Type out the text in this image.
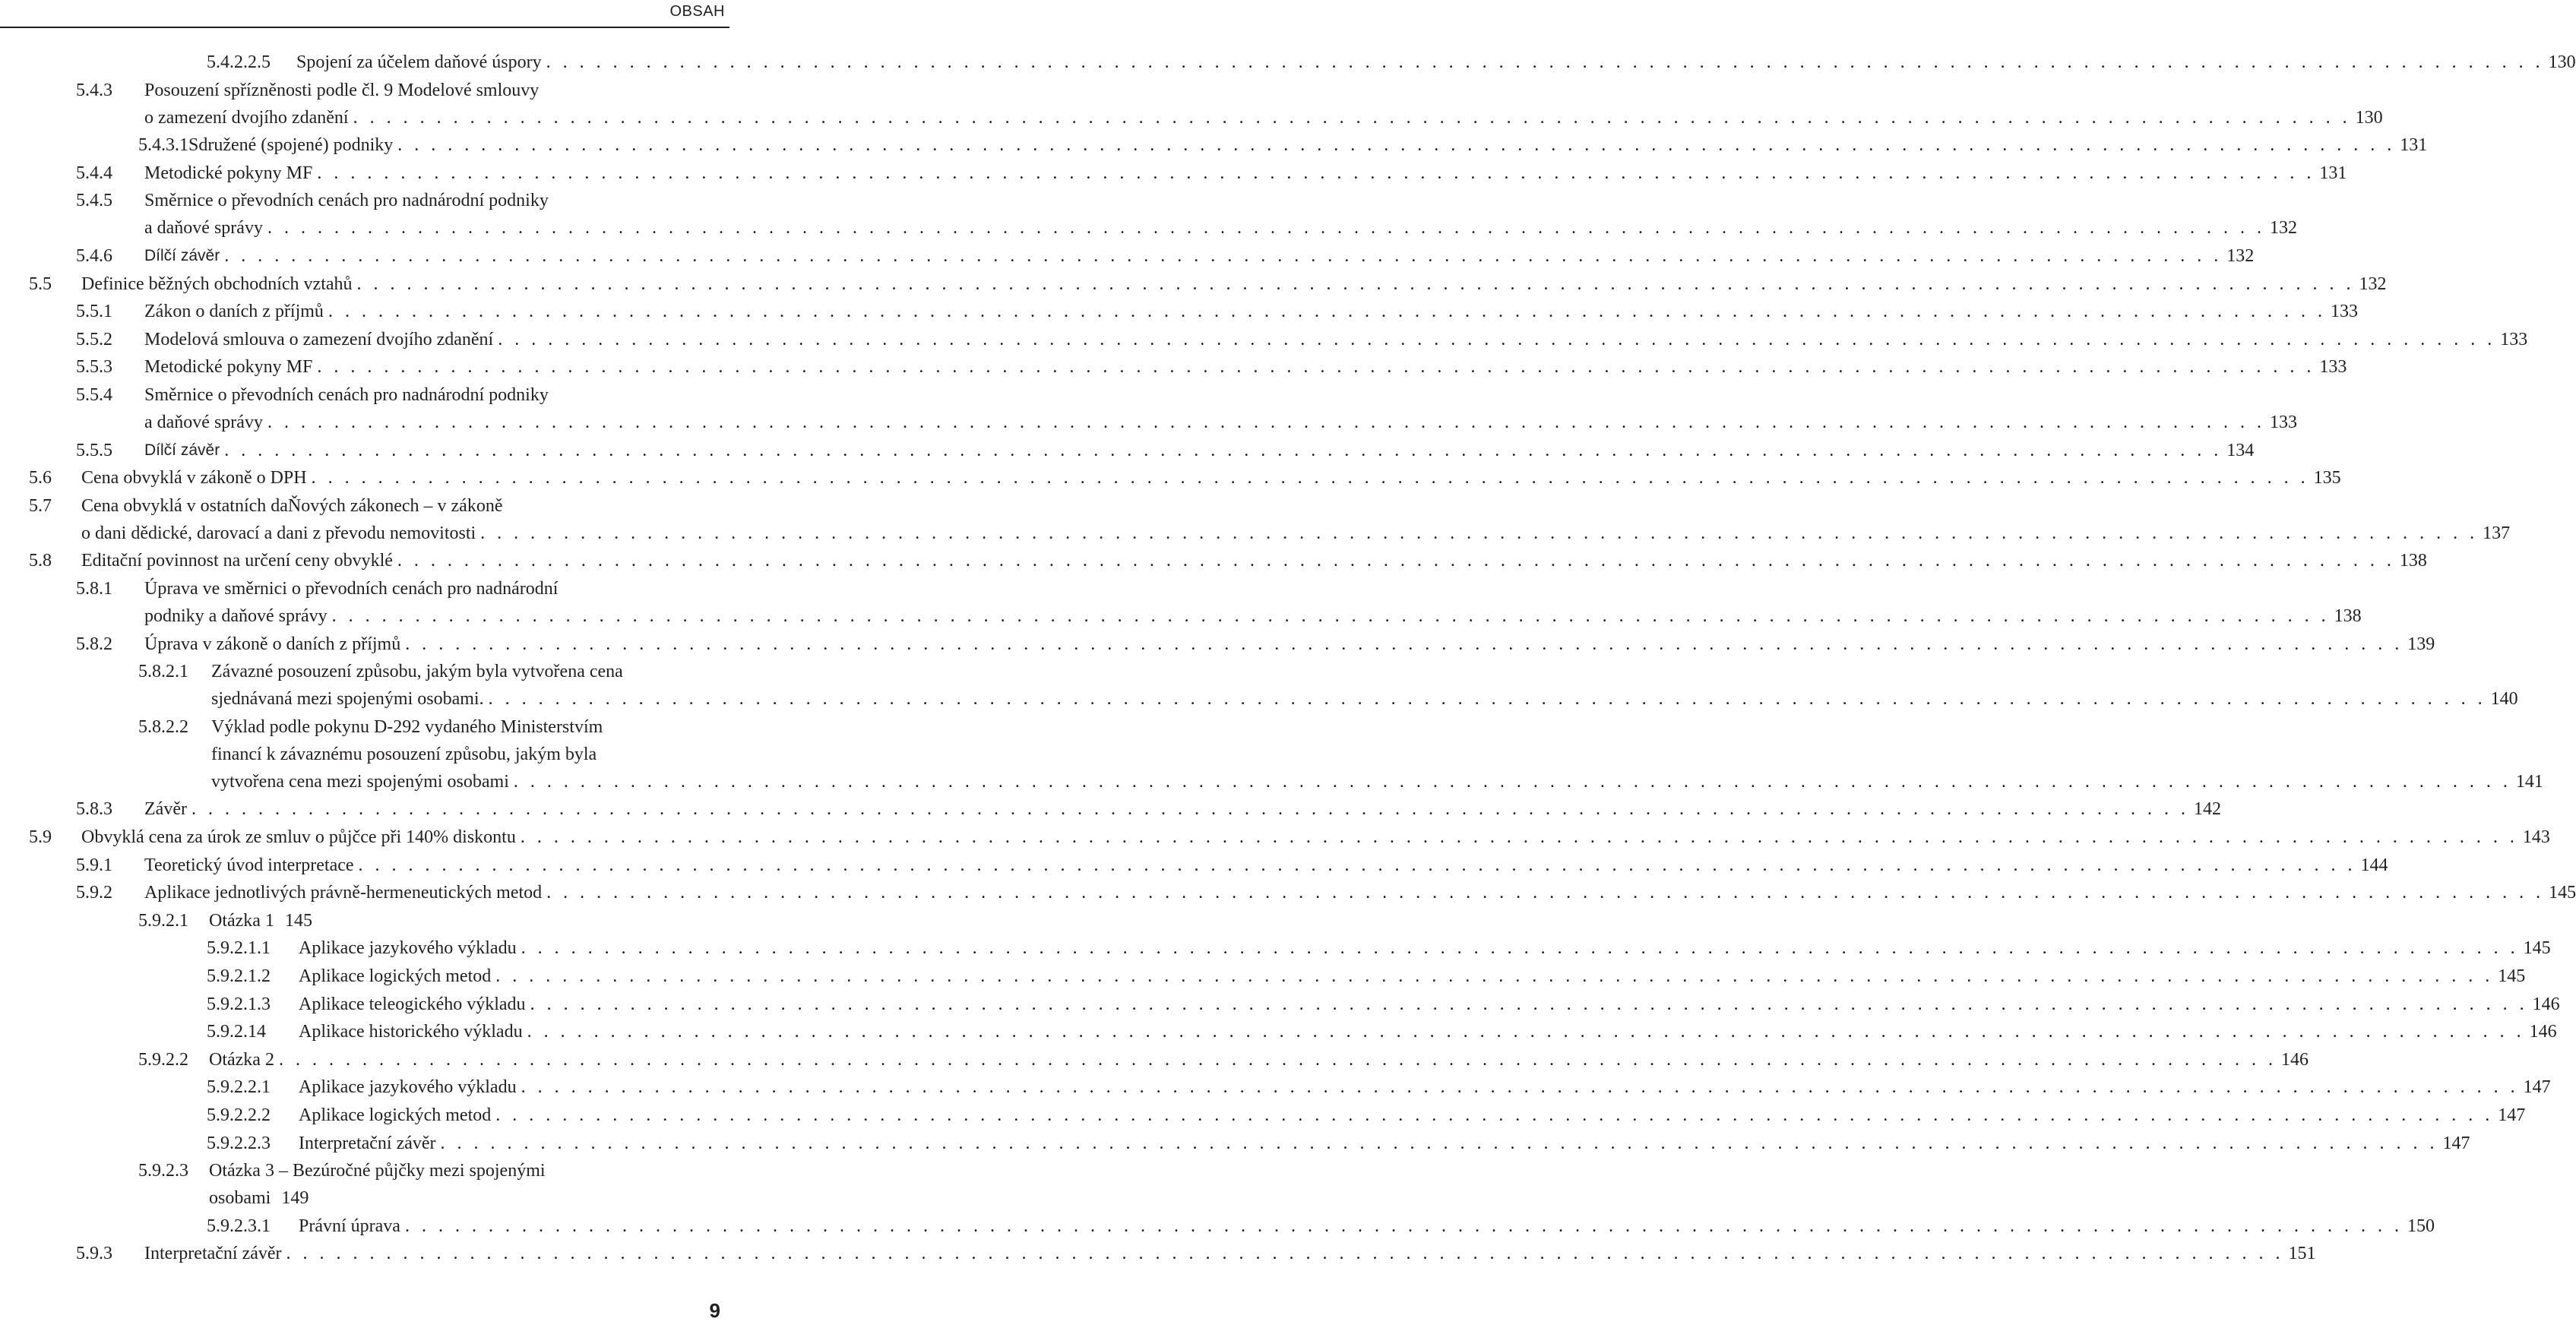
OBSAH
5.4.2.2.5 Spojení za účelem daňové úspory . . . . . . . . . . . . . . . . . . . . . . . . . . . . . . . . . . . . . . . . . . . . . . . . . . . . . . . . . . . . . . . . . . . . . . . . . . . . . . . . . . . . . . . . . . . . . . . . . . . . . . . . . . . . . . . . . . . . . . . . 130
5.4.3 Posouzení spřízněnosti podle čl. 9 Modelové smlouvy
o zamezení dvojího zdanění . . . . . . . . . . . . . . . . . . . . . . . . . . . . . . . . . . . . . . . . . . . . . . . . . . . . . . . . . . . . . . . . . . . . . . . . . . . . . . . . . . . . . . . . . . . . . . . . . . . . . . . . . . . . . . . . . . . . . . . . 130
5.4.3.1 Sdružené (spojené) podniky . . . . . . . . . . . . . . . . . . . . . . . . . . . . . . . . . . . . . . . . . . . . . . . . . . . . . . . . . . . . . . . . . . . . . . . . . . . . . . . . . . . . . . . . . . . . . . . . . . . . . . . . . . . . . . . . . . . . . . . . 131
5.4.4 Metodické pokyny MF . . . . . . . . . . . . . . . . . . . . . . . . . . . . . . . . . . . . . . . . . . . . . . . . . . . . . . . . . . . . . . . . . . . . . . . . . . . . . . . . . . . . . . . . . . . . . . . . . . . . . . . . . . . . . . . . . . . . . . . . 131
5.4.5 Směrnice o převodních cenách pro nadnárodní podniky
a daňové správy . . . . . . . . . . . . . . . . . . . . . . . . . . . . . . . . . . . . . . . . . . . . . . . . . . . . . . . . . . . . . . . . . . . . . . . . . . . . . . . . . . . . . . . . . . . . . . . . . . . . . . . . . . . . . . . . . . . . . . . . 132
5.4.6 Dílčí závěr . . . . . . . . . . . . . . . . . . . . . . . . . . . . . . . . . . . . . . . . . . . . . . . . . . . . . . . . . . . . . . . . . . . . . . . . . . . . . . . . . . . . . . . . . . . . . . . . . . . . . . . . . . . . . . . . . . . . . . . . 132
5.5 Definice běžných obchodních vztahů . . . . . . . . . . . . . . . . . . . . . . . . . . . . . . . . . . . . . . . . . . . . . . . . . . . . . . . . . . . . . . . . . . . . . . . . . . . . . . . . . . . . . . . . . . . . . . . . . . . . . . . . . . . . . . . . . . . . . . . . 132
5.5.1 Zákon o daních z příjmů . . . . . . . . . . . . . . . . . . . . . . . . . . . . . . . . . . . . . . . . . . . . . . . . . . . . . . . . . . . . . . . . . . . . . . . . . . . . . . . . . . . . . . . . . . . . . . . . . . . . . . . . . . . . . . . . . . . . . . . . 133
5.5.2 Modelová smlouva o zamezení dvojího zdanění . . . . . . . . . . . . . . . . . . . . . . . . . . . . . . . . . . . . . . . . . . . . . . . . . . . . . . . . . . . . . . . . . . . . . . . . . . . . . . . . . . . . . . . . . . . . . . . . . . . . . . . . . . . . . . . . . . . . . . . . 133
5.5.3 Metodické pokyny MF . . . . . . . . . . . . . . . . . . . . . . . . . . . . . . . . . . . . . . . . . . . . . . . . . . . . . . . . . . . . . . . . . . . . . . . . . . . . . . . . . . . . . . . . . . . . . . . . . . . . . . . . . . . . . . . . . . . . . . . . 133
5.5.4 Směrnice o převodních cenách pro nadnárodní podniky
a daňové správy . . . . . . . . . . . . . . . . . . . . . . . . . . . . . . . . . . . . . . . . . . . . . . . . . . . . . . . . . . . . . . . . . . . . . . . . . . . . . . . . . . . . . . . . . . . . . . . . . . . . . . . . . . . . . . . . . . . . . . . . 133
5.5.5 Dílčí závěr . . . . . . . . . . . . . . . . . . . . . . . . . . . . . . . . . . . . . . . . . . . . . . . . . . . . . . . . . . . . . . . . . . . . . . . . . . . . . . . . . . . . . . . . . . . . . . . . . . . . . . . . . . . . . . . . . . . . . . . . 134
5.6 Cena obvyklá v zákoně o DPH . . . . . . . . . . . . . . . . . . . . . . . . . . . . . . . . . . . . . . . . . . . . . . . . . . . . . . . . . . . . . . . . . . . . . . . . . . . . . . . . . . . . . . . . . . . . . . . . . . . . . . . . . . . . . . . . . . . . . . . . 135
5.7 Cena obvyklá v ostatních daŇových zákonech – v zákoně
o dani dědické, darovací a dani z převodu nemovitosti . . . . . . . . . . . . . . . . . . . . . . . . . . . . . . . . . . . . . . . . . . . . . . . . . . . . . . . . . . . . . . . . . . . . . . . . . . . . . . . . . . . . . . . . . . . . . . . . . . . . . . . . . . . . . . . . . . . . . . . . 137
5.8 Editační povinnost na určení ceny obvyklé . . . . . . . . . . . . . . . . . . . . . . . . . . . . . . . . . . . . . . . . . . . . . . . . . . . . . . . . . . . . . . . . . . . . . . . . . . . . . . . . . . . . . . . . . . . . . . . . . . . . . . . . . . . . . . . . . . . . . . . . 138
5.8.1 Úprava ve směrnici o převodních cenách pro nadnárodní
podniky a daňové správy . . . . . . . . . . . . . . . . . . . . . . . . . . . . . . . . . . . . . . . . . . . . . . . . . . . . . . . . . . . . . . . . . . . . . . . . . . . . . . . . . . . . . . . . . . . . . . . . . . . . . . . . . . . . . . . . . . . . . . . . 138
5.8.2 Úprava v zákoně o daních z příjmů . . . . . . . . . . . . . . . . . . . . . . . . . . . . . . . . . . . . . . . . . . . . . . . . . . . . . . . . . . . . . . . . . . . . . . . . . . . . . . . . . . . . . . . . . . . . . . . . . . . . . . . . . . . . . . . . . . . . . . . . 139
5.8.2.1 Závazné posouzení způsobu, jakým byla vytvořena cena
sjednávaná mezi spojenými osobami. . . . . . . . . . . . . . . . . . . . . . . . . . . . . . . . . . . . . . . . . . . . . . . . . . . . . . . . . . . . . . . . . . . . . . . . . . . . . . . . . . . . . . . . . . . . . . . . . . . . . . . . . . . . . . . . . . . . . . . . . 140
5.8.2.2 Výklad podle pokynu D-292 vydaného Ministerstvím
financí k závaznému posouzení způsobu, jakým byla
vytvořena cena mezi spojenými osobami . . . . . . . . . . . . . . . . . . . . . . . . . . . . . . . . . . . . . . . . . . . . . . . . . . . . . . . . . . . . . . . . . . . . . . . . . . . . . . . . . . . . . . . . . . . . . . . . . . . . . . . . . . . . . . . . . . . . . . . . 141
5.8.3 Závěr . . . . . . . . . . . . . . . . . . . . . . . . . . . . . . . . . . . . . . . . . . . . . . . . . . . . . . . . . . . . . . . . . . . . . . . . . . . . . . . . . . . . . . . . . . . . . . . . . . . . . . . . . . . . . . . . . . . . . . . . 142
5.9 Obvyklá cena za úrok ze smluv o půjčce při 140% diskontu . . . . . . . . . . . . . . . . . . . . . . . . . . . . . . . . . . . . . . . . . . . . . . . . . . . . . . . . . . . . . . . . . . . . . . . . . . . . . . . . . . . . . . . . . . . . . . . . . . . . . . . . . . . . . . . . . . . . . . . . 143
5.9.1 Teoretický úvod interpretace . . . . . . . . . . . . . . . . . . . . . . . . . . . . . . . . . . . . . . . . . . . . . . . . . . . . . . . . . . . . . . . . . . . . . . . . . . . . . . . . . . . . . . . . . . . . . . . . . . . . . . . . . . . . . . . . . . . . . . . . 144
5.9.2 Aplikace jednotlivých právně-hermeneutických metod . . . . . . . . . . . . . . . . . . . . . . . . . . . . . . . . . . . . . . . . . . . . . . . . . . . . . . . . . . . . . . . . . . . . . . . . . . . . . . . . . . . . . . . . . . . . . . . . . . . . . . . . . . . . . . . . . . . . . . . . 145
5.9.2.1 Otázka 1 145
5.9.2.1.1 Aplikace jazykového výkladu . . . . . . . . . . . . . . . . . . . . . . . . . . . . . . . . . . . . . . . . . . . . . . . . . . . . . . . . . . . . . . . . . . . . . . . . . . . . . . . . . . . . . . . . . . . . . . . . . . . . . . . . . . . . . . . . . . . . . . . . 145
5.9.2.1.2 Aplikace logických metod . . . . . . . . . . . . . . . . . . . . . . . . . . . . . . . . . . . . . . . . . . . . . . . . . . . . . . . . . . . . . . . . . . . . . . . . . . . . . . . . . . . . . . . . . . . . . . . . . . . . . . . . . . . . . . . . . . . . . . . . 145
5.9.2.1.3 Aplikace teleogického výkladu . . . . . . . . . . . . . . . . . . . . . . . . . . . . . . . . . . . . . . . . . . . . . . . . . . . . . . . . . . . . . . . . . . . . . . . . . . . . . . . . . . . . . . . . . . . . . . . . . . . . . . . . . . . . . . . . . . . . . . . . 146
5.9.2.14 Aplikace historického výkladu . . . . . . . . . . . . . . . . . . . . . . . . . . . . . . . . . . . . . . . . . . . . . . . . . . . . . . . . . . . . . . . . . . . . . . . . . . . . . . . . . . . . . . . . . . . . . . . . . . . . . . . . . . . . . . . . . . . . . . . . 146
5.9.2.2 Otázka 2 . . . . . . . . . . . . . . . . . . . . . . . . . . . . . . . . . . . . . . . . . . . . . . . . . . . . . . . . . . . . . . . . . . . . . . . . . . . . . . . . . . . . . . . . . . . . . . . . . . . . . . . . . . . . . . . . . . . . . . . . 146
5.9.2.2.1 Aplikace jazykového výkladu . . . . . . . . . . . . . . . . . . . . . . . . . . . . . . . . . . . . . . . . . . . . . . . . . . . . . . . . . . . . . . . . . . . . . . . . . . . . . . . . . . . . . . . . . . . . . . . . . . . . . . . . . . . . . . . . . . . . . . . . 147
5.9.2.2.2 Aplikace logických metod . . . . . . . . . . . . . . . . . . . . . . . . . . . . . . . . . . . . . . . . . . . . . . . . . . . . . . . . . . . . . . . . . . . . . . . . . . . . . . . . . . . . . . . . . . . . . . . . . . . . . . . . . . . . . . . . . . . . . . . . 147
5.9.2.2.3 Interpretační závěr . . . . . . . . . . . . . . . . . . . . . . . . . . . . . . . . . . . . . . . . . . . . . . . . . . . . . . . . . . . . . . . . . . . . . . . . . . . . . . . . . . . . . . . . . . . . . . . . . . . . . . . . . . . . . . . . . . . . . . . . 147
5.9.2.3 Otázka 3 – Bezúročné půjčky mezi spojenými
osobami 149
5.9.2.3.1 Právní úprava . . . . . . . . . . . . . . . . . . . . . . . . . . . . . . . . . . . . . . . . . . . . . . . . . . . . . . . . . . . . . . . . . . . . . . . . . . . . . . . . . . . . . . . . . . . . . . . . . . . . . . . . . . . . . . . . . . . . . . . . 150
5.9.3 Interpretační závěr . . . . . . . . . . . . . . . . . . . . . . . . . . . . . . . . . . . . . . . . . . . . . . . . . . . . . . . . . . . . . . . . . . . . . . . . . . . . . . . . . . . . . . . . . . . . . . . . . . . . . . . . . . . . . . . . . . . . . . . . 151
9
